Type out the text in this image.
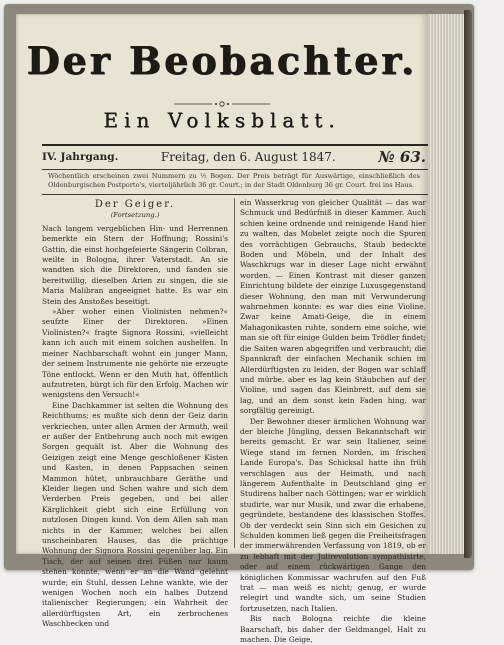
Der Beobachter.
Ein Volksblatt.
IV. Jahrgang.	Freitag, den 6. August 1847.	№ 63.
Wöchentlich erscheinen zwei Nummern zu ½ Bogen. Der Preis beträgt für Auswärtige, einschließlich des Oldenburgischen Postporto's, vierteljährlich 36 gr. Court.; in der Stadt Oldenburg 36 gr. Court. frei ins Haus.
Der Geiger.
(Fortsetzung.)

Nach langem vergeblichen Hin- und Herrennen bemerkte ein Stern der Hoffnung; Rossini's Gattin, die einst hochgefeierte Sängerin Colbran, weilte in Bologna, ihrer Vaterstadt. An sie wandten sich die Direktoren, und fanden sie bereitwillig, dieselben Arien zu singen, die sie Maria Malibran angeeignet hatte. Es war ein Stein des Anstoßes beseitigt.

»Aber woher einen Violinisten nehmen?« seufzte Einer der Direktoren. »Einen Violinisten?« fragte Signora Rossini, »vielleicht kann ich auch mit einem solchen aushelfen. In meiner Nachbarschaft wohnt ein junger Mann, der seinem Instrumente nie gehörte nie erzeugte Töne entlockt. Wenn er den Muth hat, öffentlich aufzutreten, bürgt ich für den Erfolg. Machen wir wenigstens den Versuch!«

Eine Dachkammer ist selten die Wohnung des Reichthums; es mußte sich denn der Geiz darin verkriechen, unter allen Armen der Armuth, weil er außer der Entbehrung auch noch mit ewigen Sorgen gequält ist. Aber die Wohnung des Geizigen zeigt eine Menge geschloßener Kisten und Kasten, in denen Pappsachen seinen Mammon hütet, unbrauchbare Geräthe und Kleider liegen und Schen wahre und sich dem Verderben Preis gegeben, und bei aller Kärglichkeit giebt sich eine Erfüllung von nutzlosen Dingen kund. Von dem Allen sah man nichts in der Kammer, welches bei allen unscheinbaren Hauses, das die prächtige Wohnung der Signora Rossini gegenüber lag. Ein Tisch, der auf seinen drei Füßen nur kaum stehen konnte, wenn er an die Wand gelehnt wurde; ein Stuhl, dessen Lehne wankte, wie der wenigen Wochen noch ein halbes Dutzend italienischer Regierungen; ein Wahrheit der allerdürftigsten Art, ein zerbrochenes Waschbecken und

ein Wasserkrug von gleicher Qualität — das war Schmuck und Bedürfniß in dieser Kammer. Auch schien keine ordnende und reinigende Hand hier zu walten, das Mobelet zeigte noch die Spuren des vorrächtigen Gebrauchs, Staub bedeckte Boden und Möbeln, und der Inhalt des Waschkrugs war in dieser Lage nicht erwähnt worden. — Einen Kontrast mit dieser ganzen Einrichtung bildete der einzige Luxusgegenstand dieser Wohnung, den man mit Verwunderung wahrnehmen konnte: es war dies eine Violine. Zwar keine Amati-Geige, die in einem Mahagonikasten ruhte, sondern eine solche, wie man sie oft für einige Gulden beim Trödler findet; die Saiten waren abgegriffen und verbraucht; die Spannkraft der einfachen Mechanik schien im Allerdürftigsten zu leiden, der Bogen war schlaff und mürbe, aber es lag kein Stäubchen auf der Violine, und sagen das Kleinbrett, auf dem sie lag, und an dem sonst kein Faden hing, war sorgfältig gereinigt.

Der Bewohner dieser ärmlichen Wohnung war der bleiche Jüngling, dessen Bekanntschaft wir bereits gemacht. Er war sein Italiener, seine Wiege stand im fernen Norden, im frischen Lande Europa's. Das Schicksal hatte ihn früh verschlagen aus der Heimath, und nach längerem Aufenthalte in Deutschland ging er Studirens halber nach Göttingen; war er wirklich studirte, war nur Musik, und zwar die erhabene, gegründete, bestandene des klassischen Stoffes. Ob der verdeckt sein Sinn sich ein Gesichen zu Schulden kommen ließ gegen die Freiheitsfragen der immerwährenden Verfassung von 1819, ob er zu lebhaft mit der Julirevolution sympathisirte, oder auf einem rückwärtigen Gange den königlichen Kommissar wachrufen auf den Fuß trat — man weiß es nicht; genug, er wurde relegirt und wandte sich, um seine Studien fortzusetzen, nach Italien.

Bis nach Bologna reichte die kleine Baarschaft, bis daher der Geldmangel, Halt zu machen. Die Geige,
